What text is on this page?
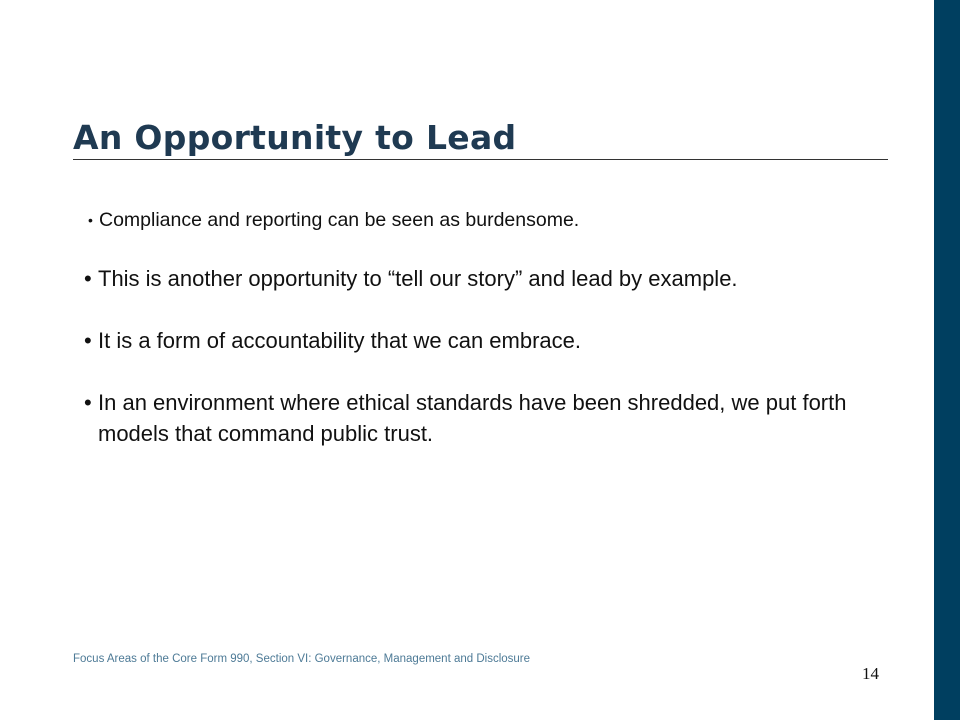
An Opportunity to Lead
• Compliance and reporting can be seen as burdensome.
• This is another opportunity to “tell our story” and lead by example.
• It is a form of accountability that we can embrace.
• In an environment where ethical standards have been shredded, we put forth models that command public trust.
Focus Areas of the Core Form 990, Section VI: Governance, Management and Disclosure
14
